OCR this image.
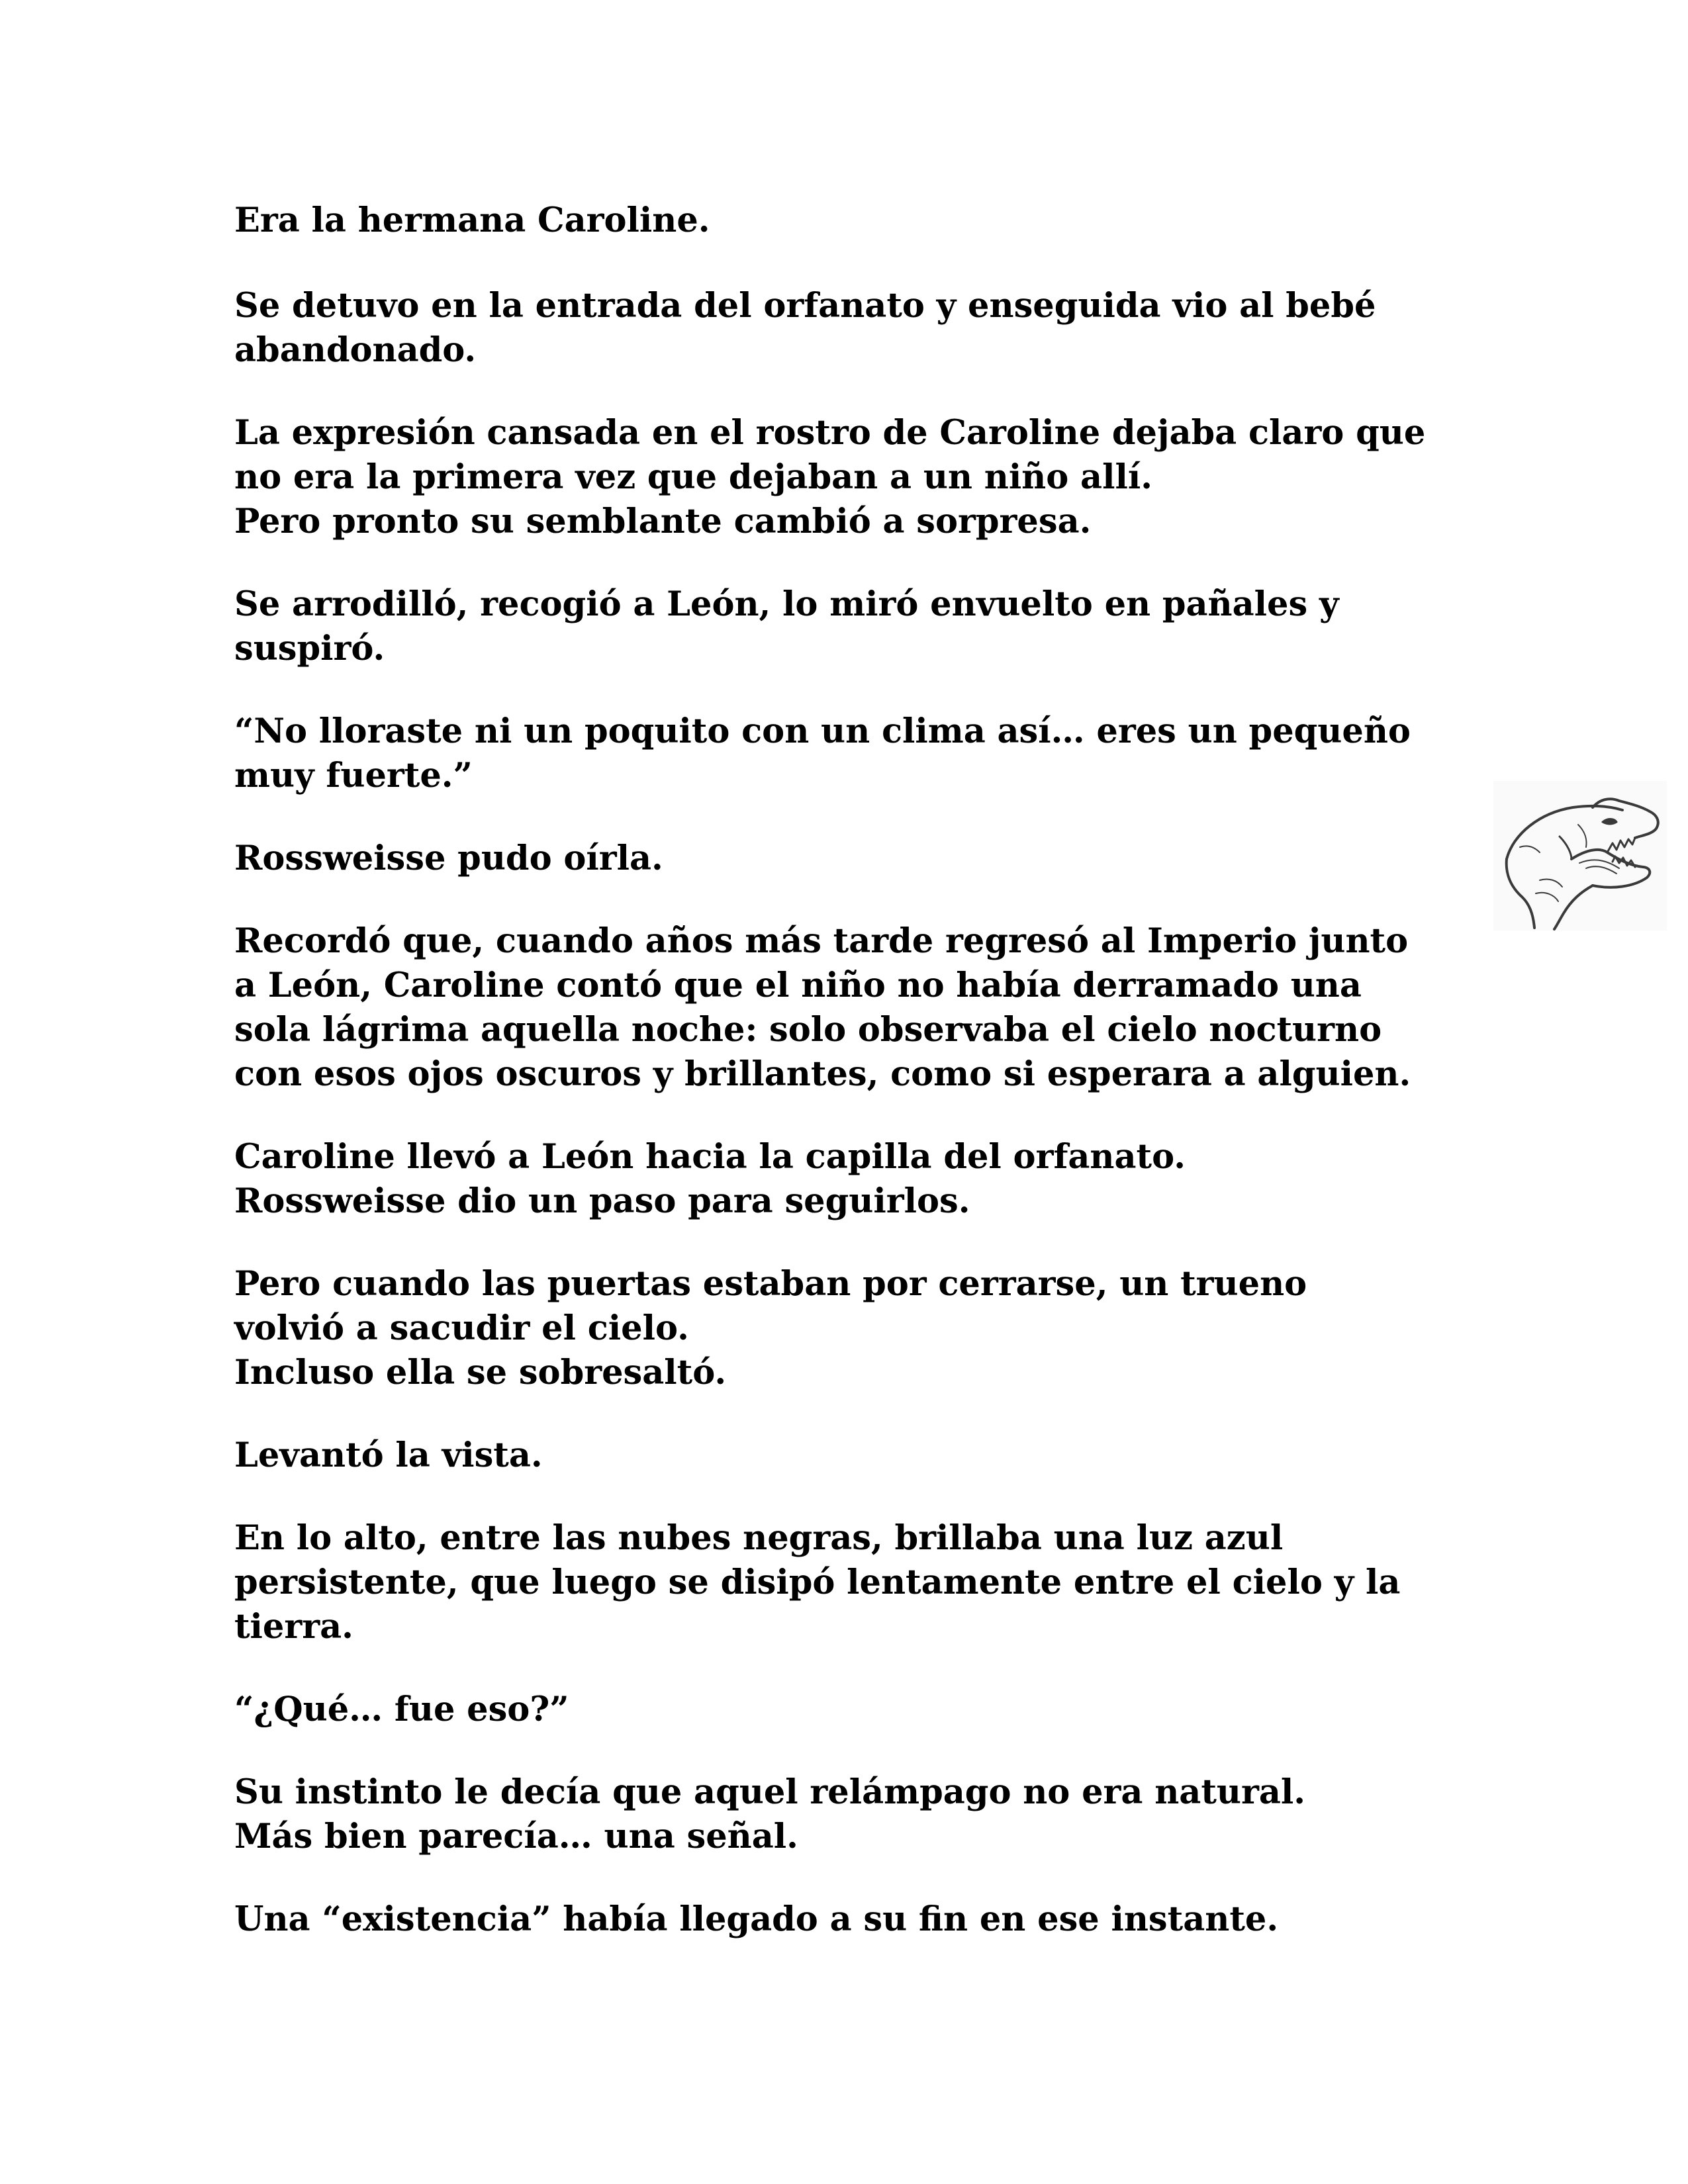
Era la hermana Caroline.

Se detuvo en la entrada del orfanato y enseguida vio al bebé
abandonado.

La expresión cansada en el rostro de Caroline dejaba claro que
no era la primera vez que dejaban a un niño allí.
Pero pronto su semblante cambió a sorpresa.

Se arrodilló, recogió a León, lo miró envuelto en pañales y
suspiró.

“No lloraste ni un poquito con un clima así… eres un pequeño
muy fuerte.”

Rossweisse pudo oírla.

Recordó que, cuando años más tarde regresó al Imperio junto
a León, Caroline contó que el niño no había derramado una
sola lágrima aquella noche: solo observaba el cielo nocturno
con esos ojos oscuros y brillantes, como si esperara a alguien.

Caroline llevó a León hacia la capilla del orfanato.
Rossweisse dio un paso para seguirlos.

Pero cuando las puertas estaban por cerrarse, un trueno
volvió a sacudir el cielo.
Incluso ella se sobresaltó.

Levantó la vista.

En lo alto, entre las nubes negras, brillaba una luz azul
persistente, que luego se disipó lentamente entre el cielo y la
tierra.

“¿Qué… fue eso?”

Su instinto le decía que aquel relámpago no era natural.
Más bien parecía… una señal.

Una “existencia” había llegado a su fin en ese instante.
